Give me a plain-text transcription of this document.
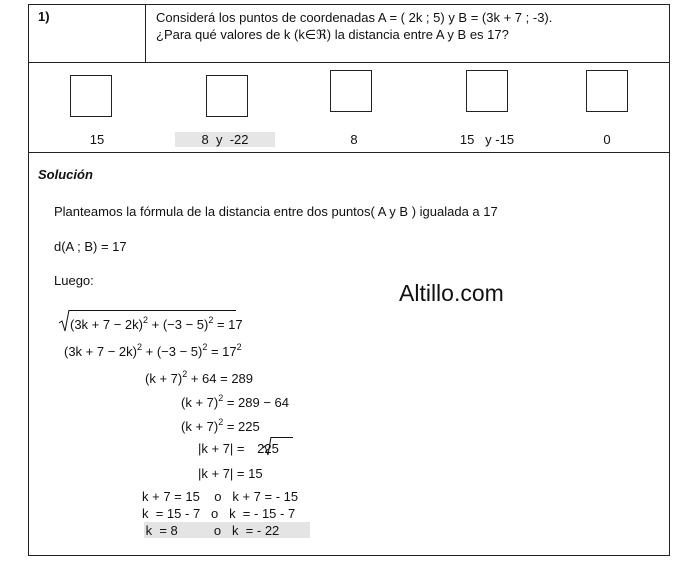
1)	Considerá los puntos de coordenadas A = ( 2k ; 5) y B = (3k + 7 ; -3).
¿Para qué valores de k (k∈ℜ) la distancia entre A y B es 17?
15	8  y  -22	8	15   y -15	0
Solución
Planteamos la fórmula de la distancia entre dos puntos( A y B ) igualada a 17
d(A ; B) = 17
Luego:	Altillo.com
$(3k + 7 - 2k)^2 + (-3 - 5)^2 = 17$
$(3k + 7 - 2k)^2 + (-3 - 5)^2 = 17^2$
$(k + 7)^2 + 64 = 289$
$(k + 7)^2 = 289 - 64$
$(k + 7)^2 = 225$
|k + 7| = 225
|k + 7| = 15
k + 7 = 15    o   k + 7 = - 15
k  = 15 - 7   o   k  = - 15 - 7
k  = 8          o   k  = - 22
